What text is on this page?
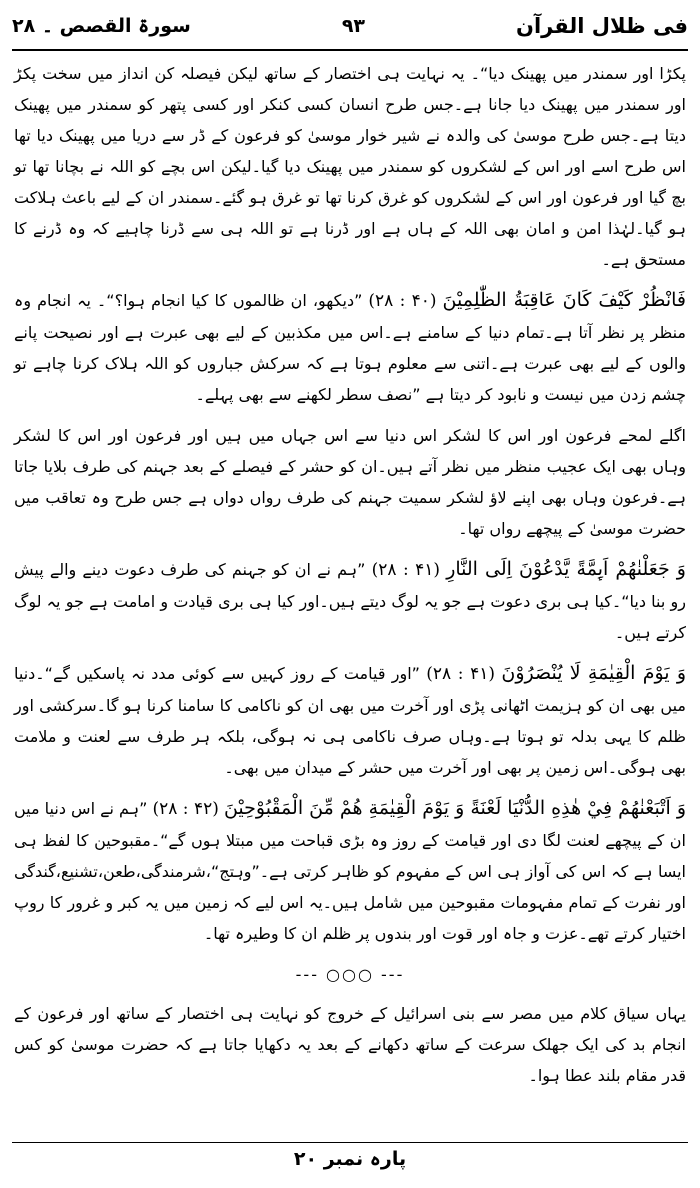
فی ظلال القرآن
۹۳
سورۃ القصص ۔ ۲۸

پکڑا اور سمندر میں پھینک دیا“۔ یہ نہایت ہی اختصار کے ساتھ لیکن فیصلہ کن انداز میں سخت پکڑ اور سمندر میں پھینک دیا جانا ہے۔جس طرح انسان کسی کنکر اور کسی پتھر کو سمندر میں پھینک دیتا ہے۔جس طرح موسیٰ کی والدہ نے شیر خوار موسیٰ کو فرعون کے ڈر سے دریا میں پھینک دیا تھا اس طرح اسے اور اس کے لشکروں کو سمندر میں پھینک دیا گیا۔لیکن اس بچے کو اللہ نے بچانا تھا تو بچ گیا اور فرعون اور اس کے لشکروں کو غرق کرنا تھا تو غرق ہو گئے۔سمندر ان کے لیے باعث ہلاکت ہو گیا۔لہٰذا امن و امان بھی اللہ کے ہاں ہے اور ڈرنا ہے تو اللہ ہی سے ڈرنا چاہیے کہ وہ ڈرنے کا مستحق ہے۔

فَانْظُرْ كَيْفَ كَانَ عَاقِبَةُ الظّٰلِمِيْنَ (۲۸ : ۴۰) ”دیکھو، ان ظالموں کا کیا انجام ہوا؟“۔ یہ انجام وہ منظر پر نظر آتا ہے۔تمام دنیا کے سامنے ہے۔اس میں مکذبین کے لیے بھی عبرت ہے اور نصیحت پانے والوں کے لیے بھی عبرت ہے۔اتنی سے معلوم ہوتا ہے کہ سرکش جباروں کو اللہ ہلاک کرنا چاہے تو چشم زدن میں نیست و نابود کر دیتا ہے ”نصف سطر لکھنے سے بھی پہلے۔

اگلے لمحے فرعون اور اس کا لشکر اس دنیا سے اس جہاں میں ہیں اور فرعون اور اس کا لشکر وہاں بھی ایک عجیب منظر میں نظر آتے ہیں۔ان کو حشر کے فیصلے کے بعد جہنم کی طرف بلایا جاتا ہے۔فرعون وہاں بھی اپنے لاؤ لشکر سمیت جہنم کی طرف رواں دواں ہے جس طرح وہ تعاقب میں حضرت موسیٰ کے پیچھے رواں تھا۔

وَ جَعَلْنٰهُمْ اَىِٕمَّةً يَّدْعُوْنَ اِلَى النَّارِ (۲۸ : ۴۱) ”ہم نے ان کو جہنم کی طرف دعوت دینے والے پیش رو بنا دیا“۔کیا ہی بری دعوت ہے جو یہ لوگ دیتے ہیں۔اور کیا ہی بری قیادت و امامت ہے جو یہ لوگ کرتے ہیں۔

وَ يَوْمَ الْقِيٰمَةِ لَا يُنْصَرُوْنَ (۲۸ : ۴۱) ”اور قیامت کے روز کہیں سے کوئی مدد نہ پاسکیں گے“۔دنیا میں بھی ان کو ہزیمت اٹھانی پڑی اور آخرت میں بھی ان کو ناکامی کا سامنا کرنا ہو گا۔سرکشی اور ظلم کا یہی بدلہ تو ہوتا ہے۔وہاں صرف ناکامی ہی نہ ہوگی، بلکہ ہر طرف سے لعنت و ملامت بھی ہوگی۔اس زمین پر بھی اور آخرت میں حشر کے میدان میں بھی۔

وَ اَتْبَعْنٰهُمْ فِيْ هٰذِهِ الدُّنْيَا لَعْنَةً وَ يَوْمَ الْقِيٰمَةِ هُمْ مِّنَ الْمَقْبُوْحِيْنَ (۲۸ : ۴۲) ”ہم نے اس دنیا میں ان کے پیچھے لعنت لگا دی اور قیامت کے روز وہ بڑی قباحت میں مبتلا ہوں گے“۔مقبوحین کا لفظ ہی ایسا ہے کہ اس کی آواز ہی اس کے مفہوم کو ظاہر کرتی ہے۔”وہتج“،شرمندگی،طعن،تشنیع،گندگی اور نفرت کے تمام مفہومات مقبوحین میں شامل ہیں۔یہ اس لیے کہ زمین میں یہ کبر و غرور کا روپ اختیار کرتے تھے۔عزت و جاہ اور قوت اور بندوں پر ظلم ان کا وطیرہ تھا۔

--- ○○○ ---

یہاں سیاق کلام میں مصر سے بنی اسرائیل کے خروج کو نہایت ہی اختصار کے ساتھ اور فرعون کے انجام بد کی ایک جھلک سرعت کے ساتھ دکھانے کے بعد یہ دکھایا جاتا ہے کہ حضرت موسیٰ کو کس قدر مقام بلند عطا ہوا۔

پارہ نمبر ۲۰
